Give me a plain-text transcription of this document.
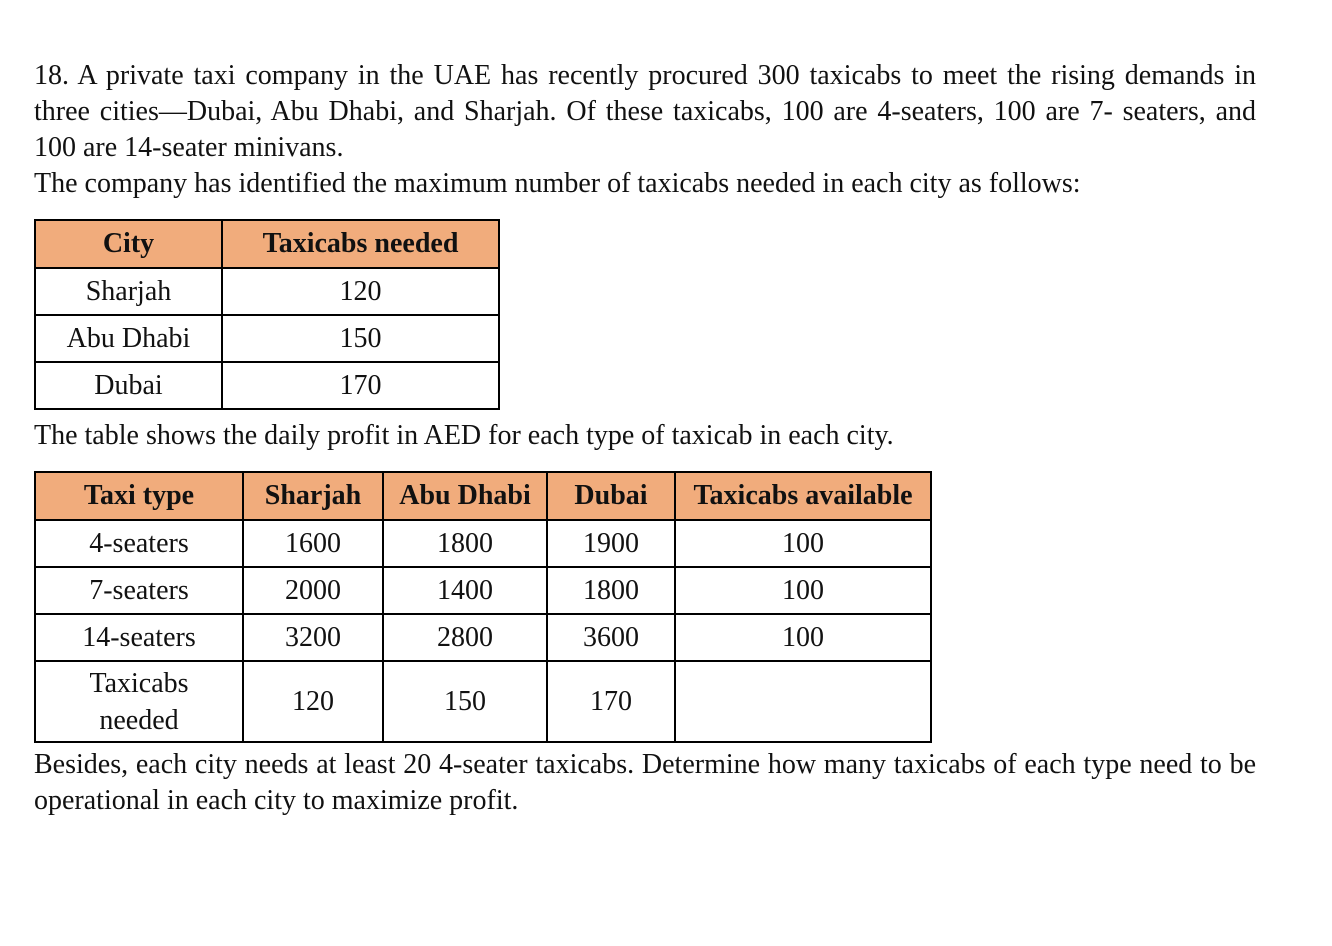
18. A private taxi company in the UAE has recently procured 300 taxicabs to meet the rising demands in three cities—Dubai, Abu Dhabi, and Sharjah. Of these taxicabs, 100 are 4-seaters, 100 are 7- seaters, and 100 are 14-seater minivans.

The company has identified the maximum number of taxicabs needed in each city as follows:

City	Taxicabs needed
Sharjah	120
Abu Dhabi	150
Dubai	170

The table shows the daily profit in AED for each type of taxicab in each city.

Taxi type	Sharjah	Abu Dhabi	Dubai	Taxicabs available
4-seaters	1600	1800	1900	100
7-seaters	2000	1400	1800	100
14-seaters	3200	2800	3600	100
Taxicabs needed	120	150	170	

Besides, each city needs at least 20 4-seater taxicabs. Determine how many taxicabs of each type need to be operational in each city to maximize profit.
